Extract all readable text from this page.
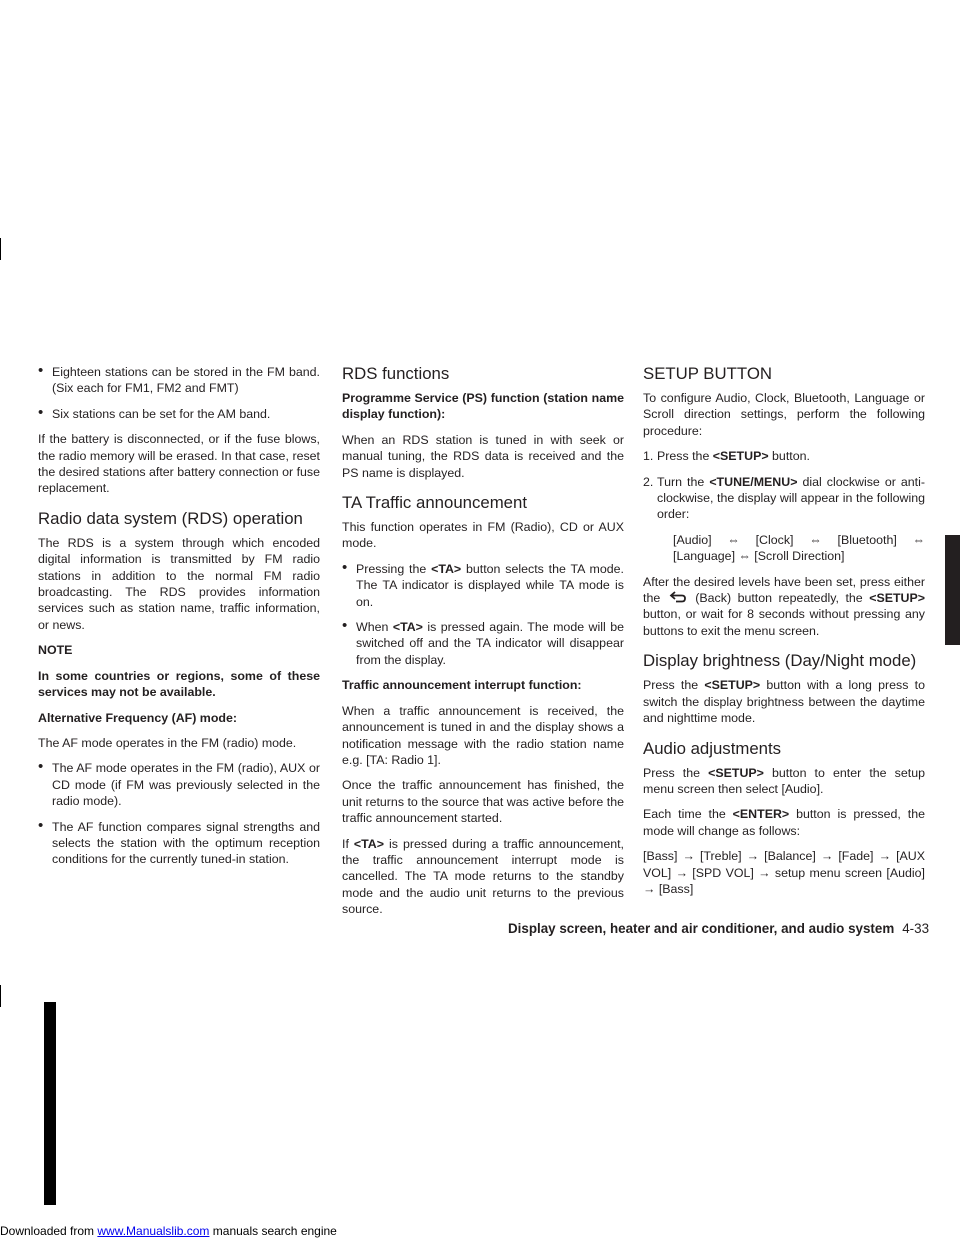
Downloaded from www.Manualslib.com manuals search engine
• Eighteen stations can be stored in the FM band. (Six each for FM1, FM2 and FMT)
• Six stations can be set for the AM band.

If the battery is disconnected, or if the fuse blows, the radio memory will be erased. In that case, reset the desired stations after battery connection or fuse replacement.

Radio data system (RDS) operation

The RDS is a system through which encoded digital information is transmitted by FM radio stations in addition to the normal FM radio broadcasting. The RDS provides information services such as station name, traffic information, or news.

NOTE

In some countries or regions, some of these services may not be available.

Alternative Frequency (AF) mode:

The AF mode operates in the FM (radio) mode.

• The AF mode operates in the FM (radio), AUX or CD mode (if FM was previously selected in the radio mode).
• The AF function compares signal strengths and selects the station with the optimum reception conditions for the currently tuned-in station.
RDS functions

Programme Service (PS) function (station name display function):

When an RDS station is tuned in with seek or manual tuning, the RDS data is received and the PS name is displayed.

TA Traffic announcement

This function operates in FM (Radio), CD or AUX mode.

• Pressing the <TA> button selects the TA mode. The TA indicator is displayed while TA mode is on.
• When <TA> is pressed again. The mode will be switched off and the TA indicator will disappear from the display.

Traffic announcement interrupt function:

When a traffic announcement is received, the announcement is tuned in and the display shows a notification message with the radio station name e.g. [TA: Radio 1].

Once the traffic announcement has finished, the unit returns to the source that was active before the traffic announcement started.

If <TA> is pressed during a traffic announcement, the traffic announcement interrupt mode is cancelled. The TA mode returns to the standby mode and the audio unit returns to the previous source.

SETUP BUTTON

To configure Audio, Clock, Bluetooth, Language or Scroll direction settings, perform the following procedure:

1. Press the <SETUP> button.
2. Turn the <TUNE/MENU> dial clockwise or anti-clockwise, the display will appear in the following order:

[Audio] ⇔ [Clock] ⇔ [Bluetooth] ⇔ [Language] ⇔ [Scroll Direction]

After the desired levels have been set, press either the  (Back) button repeatedly, the <SETUP> button, or wait for 8 seconds without pressing any buttons to exit the menu screen.

Display brightness (Day/Night mode)

Press the <SETUP> button with a long press to switch the display brightness between the daytime and nighttime mode.

Audio adjustments

Press the <SETUP> button to enter the setup menu screen then select [Audio].

Each time the <ENTER> button is pressed, the mode will change as follows:

[Bass] → [Treble] → [Balance] → [Fade] → [AUX VOL] → [SPD VOL] → setup menu screen [Audio] → [Bass]

Display screen, heater and air conditioner, and audio system 4-33
